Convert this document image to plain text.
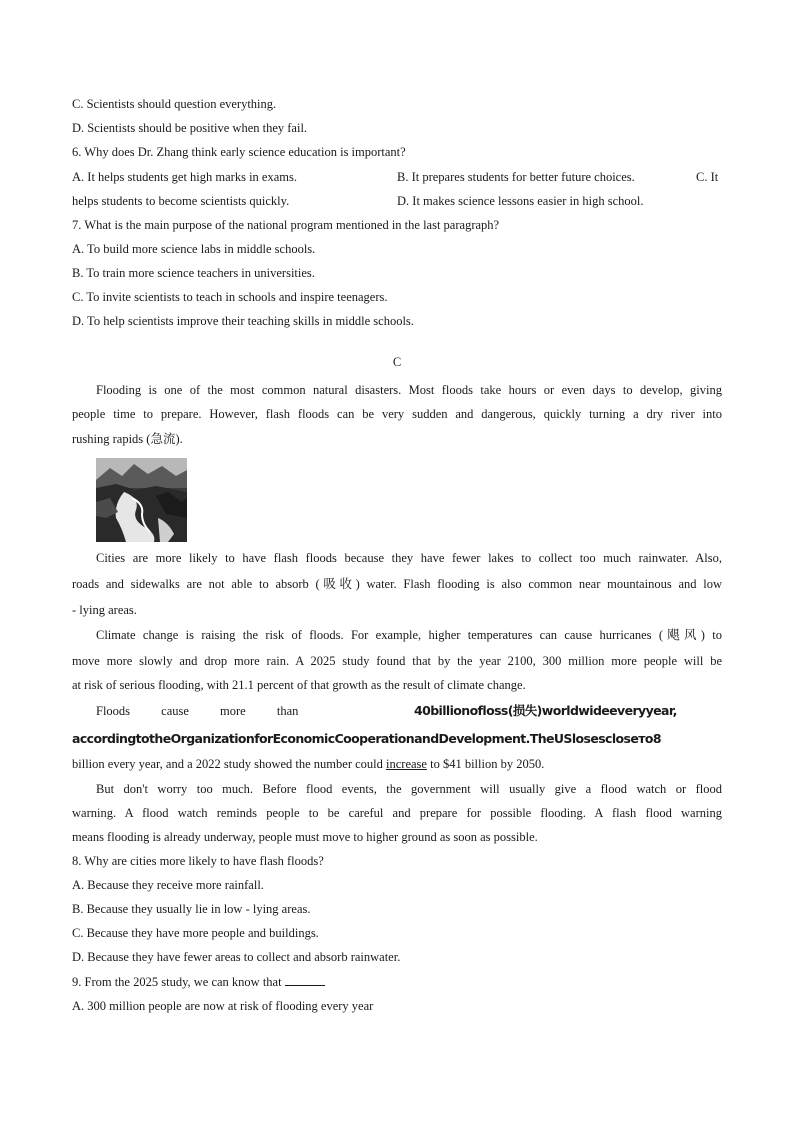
C. Scientists should question everything.
D. Scientists should be positive when they fail.
6. Why does Dr. Zhang think early science education is important?
A. It helps students get high marks in exams.	B. It prepares students for better future choices.	C. It
helps students to become scientists quickly.	D. It makes science lessons easier in high school.
7. What is the main purpose of the national program mentioned in the last paragraph?
A. To build more science labs in middle schools.
B. To train more science teachers in universities.
C. To invite scientists to teach in schools and inspire teenagers.
D. To help scientists improve their teaching skills in middle schools.
C
Flooding is one of the most common natural disasters. Most floods take hours or even days to develop, giving
people time to prepare. However, flash floods can be very sudden and dangerous, quickly turning a dry river into
rushing rapids (急流).
Cities are more likely to have flash floods because they have fewer lakes to collect too much rainwater. Also,
roads and sidewalks are not able to absorb (吸收) water. Flash flooding is also common near mountainous and low
- lying areas.
Climate change is raising the risk of floods. For example, higher temperatures can cause hurricanes (飓风) to
move more slowly and drop more rain. A 2025 study found that by the year 2100, 300 million more people will be
at risk of serious flooding, with 21.1 percent of that growth as the result of climate change.
Floods cause more than	40billionofloss(损失)worldwideeveryyear,
accordingtotheOrganizationforEconomicCooperationandDevelopment.TheUSlosesclosето8
billion every year, and a 2022 study showed the number could increase to $41 billion by 2050.
But don't worry too much. Before flood events, the government will usually give a flood watch or flood
warning. A flood watch reminds people to be careful and prepare for possible flooding. A flash flood warning
means flooding is already underway, people must move to higher ground as soon as possible.
8. Why are cities more likely to have flash floods?
A. Because they receive more rainfall.
B. Because they usually lie in low - lying areas.
C. Because they have more people and buildings.
D. Because they have fewer areas to collect and absorb rainwater.
9. From the 2025 study, we can know that
A. 300 million people are now at risk of flooding every year
